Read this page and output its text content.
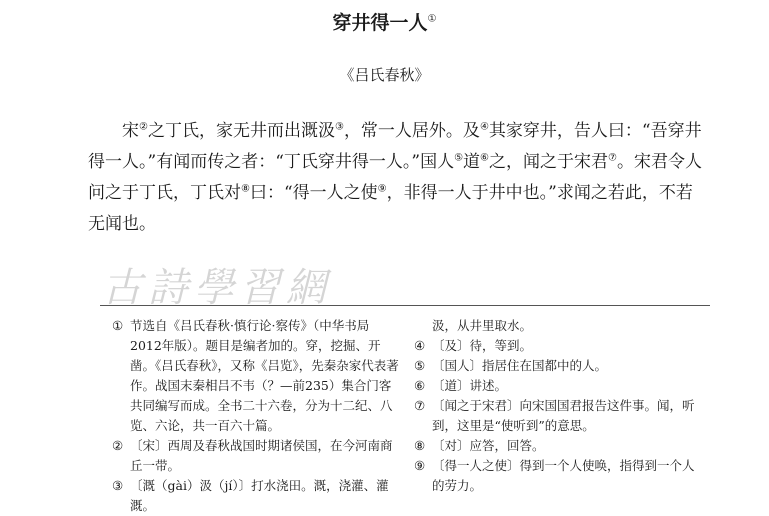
穿井得一人①
《吕氏春秋》

宋②之丁氏，家无井而出溉汲③，常一人居外。及④其家穿井，告人曰：“吾穿井得一人。”有闻而传之者：“丁氏穿井得一人。”国人⑤道⑥之，闻之于宋君⑦。宋君令人问之于丁氏，丁氏对⑧曰：“得一人之使⑨，非得一人于井中也。”求闻之若此，不若无闻也。

古詩學習網
① 节选自《吕氏春秋·慎行论·察传》（中华书局2012年版）。题目是编者加的。穿，挖掘、开凿。《吕氏春秋》，又称《吕览》，先秦杂家代表著作。战国末秦相吕不韦（？—前235）集合门客共同编写而成。全书二十六卷，分为十二纪、八览、六论，共一百六十篇。
② 〔宋〕西周及春秋战国时期诸侯国，在今河南商丘一带。
③ 〔溉（gài）汲（jí）〕打水浇田。溉，浇灌、灌溉。
汲，从井里取水。
④ 〔及〕待，等到。
⑤ 〔国人〕指居住在国都中的人。
⑥ 〔道〕讲述。
⑦ 〔闻之于宋君〕向宋国国君报告这件事。闻，听到，这里是“使听到”的意思。
⑧ 〔对〕应答，回答。
⑨ 〔得一人之使〕得到一个人使唤，指得到一个人的劳力。
